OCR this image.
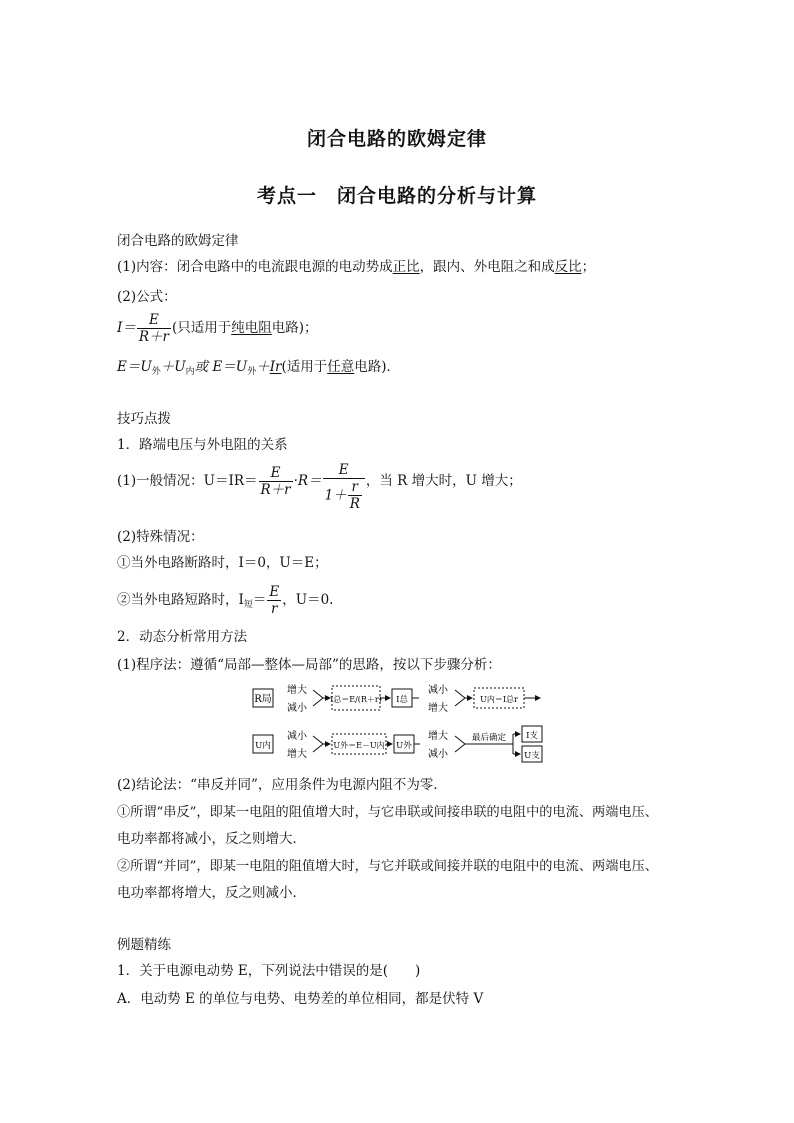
闭合电路的欧姆定律
考点一　闭合电路的分析与计算
闭合电路的欧姆定律
(1)内容：闭合电路中的电流跟电源的电动势成正比，跟内、外电阻之和成反比；
(2)公式：
$I= \frac{E}{R+r}$ (只适用于纯电阻电路)；
$E=U_外+U_内$或 $E=U_外+Ir$(适用于任意电路)．
技巧点拨
1．路端电压与外电阻的关系
(1)一般情况：$U=IR= \frac{E}{R+r} \cdot R= \frac{E}{1+ \frac{r}{R}}$ ，当 R 增大时，U 增大；
(2)特殊情况：
①当外电路断路时，I＝0，U＝E；
②当外电路短路时，$I_短= \frac{E}{r}$ ，U＝0.
2．动态分析常用方法
(1)程序法：遵循“局部—整体—局部”的思路，按以下步骤分析：
R局
增大
减小
I总＝E/(R＋r) I总
减小
增大
U内＝I总r
U内
减小
增大
U外＝E－U内 U外
增大
减小
最后确定 I支
U支
(2)结论法：“串反并同”，应用条件为电源内阻不为零．
①所谓“串反”，即某一电阻的阻值增大时，与它串联或间接串联的电阻中的电流、两端电压、
电功率都将减小，反之则增大．
②所谓“并同”，即某一电阻的阻值增大时，与它并联或间接并联的电阻中的电流、两端电压、
电功率都将增大，反之则减小．
例题精练
1．关于电源电动势 E，下列说法中错误的是(　　)
A．电动势 E 的单位与电势、电势差的单位相同，都是伏特 V
